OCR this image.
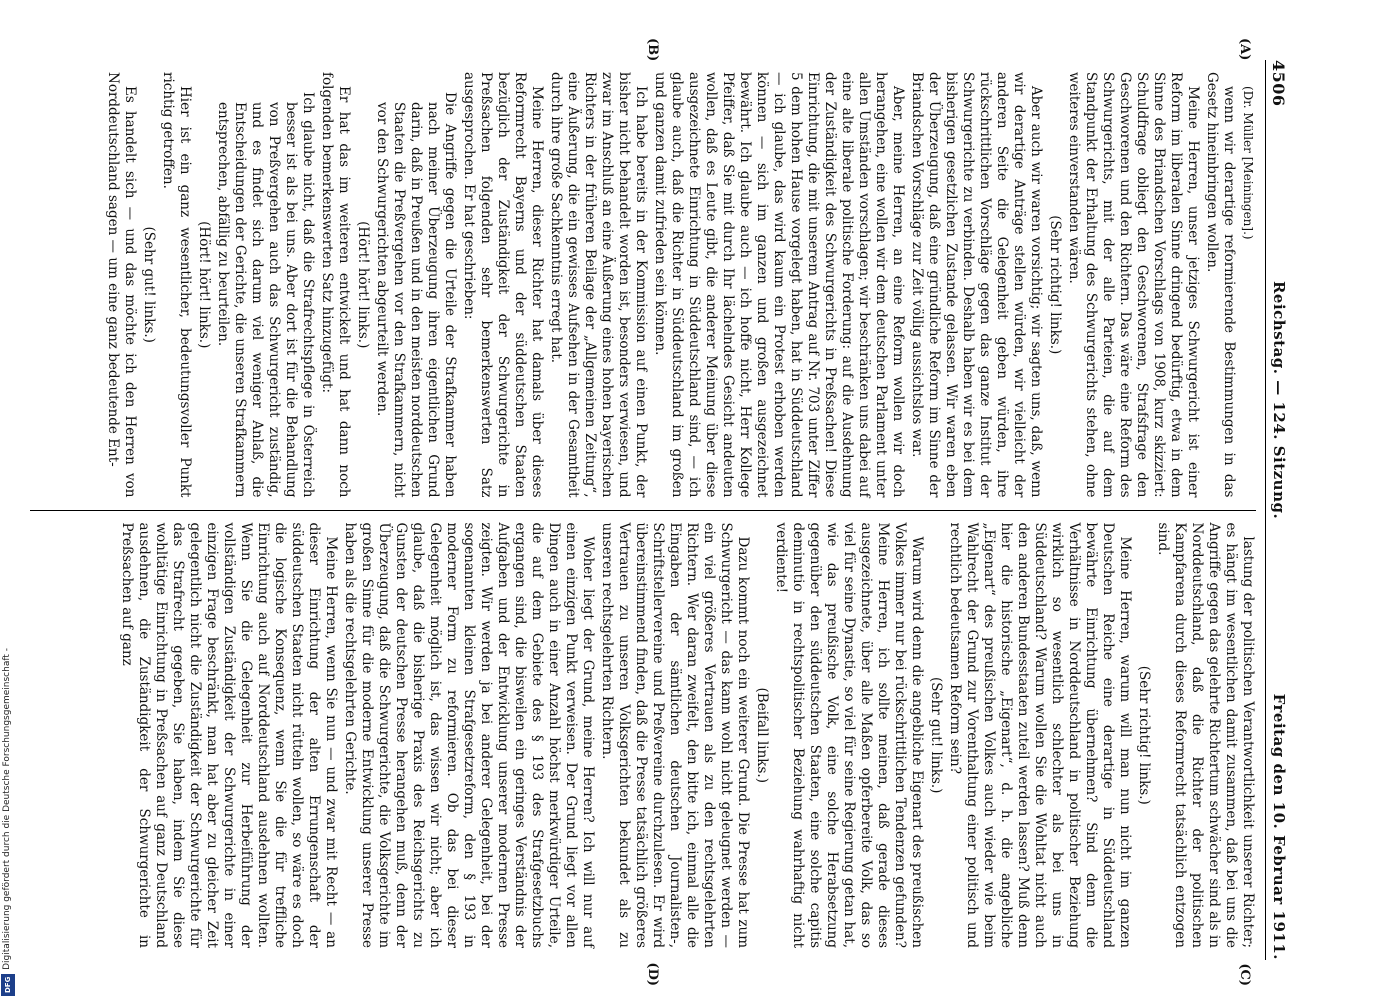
Digitalisierung gefördert durch die Deutsche Forschungsgemeinschaft -
DFG
4506
Reichstag. — 124. Sitzung.
Freitag den 10. Februar 1911.
(A)
(B)
(C)
(D)

(Dr. Müller [Meiningen].)

wenn wir derartige reformierende Bestimmungen in das Gesetz hineinbringen wollen.

Meine Herren, unser jetziges Schwurgericht ist einer Reform im liberalen Sinne dringend bedürftig, etwa in dem Sinne des Briandschen Vorschlags von 1908, kurz skizziert: Schuldfrage obliegt den Geschworenen, Strafsfrage den Geschworenen und den Richtern. Das wäre eine Reform des Schwurgerichts, mit der alle Parteien, die auf dem Standpunkt der Erhaltung des Schwurgerichts stehen, ohne weiteres einverstanden wären.

(Sehr richtig! links.)

Aber auch wir waren vorsichtig; wir sagten uns, daß, wenn wir derartige Anträge stellen würden, wir vielleicht der anderen Seite die Gelegenheit geben würden, ihre rückschrittlichen Vorschläge gegen das ganze Institut der Schwurgerichte zu verbinden. Deshalb haben wir es bei dem bisherigen gesetzlichen Zustande gelassen. Wir waren eben der Überzeugung, daß eine gründliche Reform im Sinne der Briandschen Vorschläge zur Zeit völlig aussichtslos war.

Aber, meine Herren, an eine Reform wollen wir doch herangehen, eine wollen wir dem deutschen Parlament unter allen Umständen vorschlagen; wir beschränken uns dabei auf eine alte liberale politische Forderung: auf die Ausdehnung der Zuständigkeit des Schwurgerichts in Preßsachen! Diese Einrichtung, die mit unserem Antrag auf Nr. 703 unter Ziffer 5 dem hohen Hause vorgelegt haben, hat in Süddeutschland — ich glaube, das wird kaum ein Protest erhoben werden können — sich im ganzen und großen ausgezeichnet bewährt. Ich glaube auch — ich hoffe nicht, Herr Kollege Pfeiffer, daß Sie mit durch Ihr lächelndes Gesicht andeuten wollen, daß es Leute gibt, die anderer Meinung über diese ausgezeichnete Einrichtung in Süddeutschland sind, — ich glaube auch, daß die Richter in Süddeutschland im großen und ganzen damit zufrieden sein können.

Ich habe bereits in der Kommission auf einen Punkt, der bisher nicht behandelt worden ist, besonders verwiesen, und zwar im Anschluß an eine Äußerung eines hohen bayerischen Richters in der früheren Beilage der „Allgemeinen Zeitung“, eine Äußerung, die ein gewisses Aufsehen in der Gesamtheit durch ihre große Sachkenntnis erregt hat.

Meine Herren, dieser Richter hat damals über dieses Reformrecht Bayerns und der süddeutschen Staaten bezüglich der Zuständigkeit der Schwurgerichte in Preßsachen folgenden sehr bemerkenswerten Satz ausgesprochen. Er hat geschrieben:

Die Angriffe gegen die Urteile der Strafkammer haben nach meiner Überzeugung ihren eigentlichen Grund darin, daß in Preußen und in den meisten norddeutschen Staaten die Preßvergehen vor den Strafkammern, nicht vor den Schwurgerichten abgeurteilt werden.

(Hört! hört! links.)

Er hat das im weiteren entwickelt und hat dann noch folgenden bemerkenswerten Satz hinzugefügt:

Ich glaube nicht, daß die Strafrechtspflege in Österreich besser ist als bei uns. Aber dort ist für die Behandlung von Preßvergehen auch das Schwurgericht zuständig, und es findet sich darum viel weniger Anlaß, die Entscheidungen der Gerichte, die unseren Strafkammern entsprechen, abfällig zu beurteilen.

(Hört! hört! links.)

Hier ist ein ganz wesentlicher, bedeutungsvoller Punkt richtig getroffen.

(Sehr gut! links.)

Es handelt sich — und das möchte ich den Herren von Norddeutschland sagen — um eine ganz bedeutende Ent-

lastung der politischen Verantwortlichkeit unserer Richter; es hängt im wesentlichen damit zusammen, daß bei uns die Angriffe gegen das gelehrte Richtertum schwächer sind als in Norddeutschland, daß die Richter der politischen Kampfarena durch dieses Reformrecht tatsächlich entzogen sind.

(Sehr richtig! links.)

Meine Herren, warum will man nun nicht im ganzen Deutschen Reiche eine derartige in Süddeutschland bewährte Einrichtung übernehmen? Sind denn die Verhältnisse in Norddeutschland in politischer Beziehung wirklich so wesentlich schlechter als bei uns in Süddeutschland? Warum wollen Sie die Wohltat nicht auch den anderen Bundesstaaten zuteil werden lassen? Muß denn hier die historische „Eigenart“, d. h. die angebliche „Eigenart“ des preußischen Volkes auch wieder wie beim Wahlrecht der Grund zur Vorenthaltung einer politisch und rechtlich bedeutsamen Reform sein?

(Sehr gut! links.)

Warum wird denn die angebliche Eigenart des preußischen Volkes immer nur bei rückschrittlichen Tendenzen gefunden? Meine Herren, ich sollte meinen, daß gerade dieses ausgezeichnete, über alle Maßen opferbereite Volk, das so viel für seine Dynastie, so viel für seine Regierung getan hat, wie das preußische Volk, eine solche Herabsetzung gegenüber den süddeutschen Staaten, eine solche capitis deminutio in rechtspolitischer Beziehung wahrhaftig nicht verdiente!

(Beifall links.)

Dazu kommt noch ein weiterer Grund. Die Presse hat zum Schwurgericht — das kann wohl nicht geleugnet werden — ein viel größeres Vertrauen als zu den rechtsgelehrten Richtern. Wer daran zweifelt, den bitte ich, einmal alle die Eingaben der sämtlichen deutschen Journalisten-, Schriftstellervereine und Preßvereine durchzulesen. Er wird übereinstimmend finden, daß die Presse tatsächlich größeres Vertrauen zu unseren Volksgerichten bekundet als zu unseren rechtsgelehrten Richtern.

Woher liegt der Grund, meine Herren? Ich will nur auf einen einzigen Punkt verweisen. Der Grund liegt vor allen Dingen auch in einer Anzahl höchst merkwürdiger Urteile, die auf dem Gebiete des § 193 des Strafgesetzbuchs ergangen sind, die bisweilen ein geringes Verständnis der Aufgaben und der Entwicklung unserer modernen Presse zeigten. Wir werden ja bei anderer Gelegenheit, bei der sogenannten kleinen Strafgesetzreform, den § 193 in moderner Form zu reformieren. Ob das bei dieser Gelegenheit möglich ist, das wissen wir nicht; aber ich glaube, daß die bisherige Praxis des Reichsgerichts zu Gunsten der deutschen Presse herangehen muß, denn der Überzeugung, daß die Schwurgerichte, die Volksgerichte im großen Sinne für die moderne Entwicklung unserer Presse haben als die rechtsgelehrten Gerichte.

Meine Herren, wenn Sie nun — und zwar mit Recht — an dieser Einrichtung der alten Errungenschaft der süddeutschen Staaten nicht rütteln wollen, so wäre es doch die logische Konsequenz, wenn Sie die für treffliche Einrichtung auch auf Norddeutschland ausdehnen wollten. Wenn Sie die Gelegenheit zur Herbeiführung der vollständigen Zuständigkeit der Schwurgerichte in einer einzigen Frage beschränkt, man hat aber zu gleicher Zeit gelegentlich nicht die Zuständigkeit der Schwurgerichte für das Strafrecht gegeben, Sie haben, indem Sie diese wohltätige Einrichtung in Preßsachen auf ganz Deutschland ausdehnen, die Zuständigkeit der Schwurgerichte in Preßsachen auf ganz
